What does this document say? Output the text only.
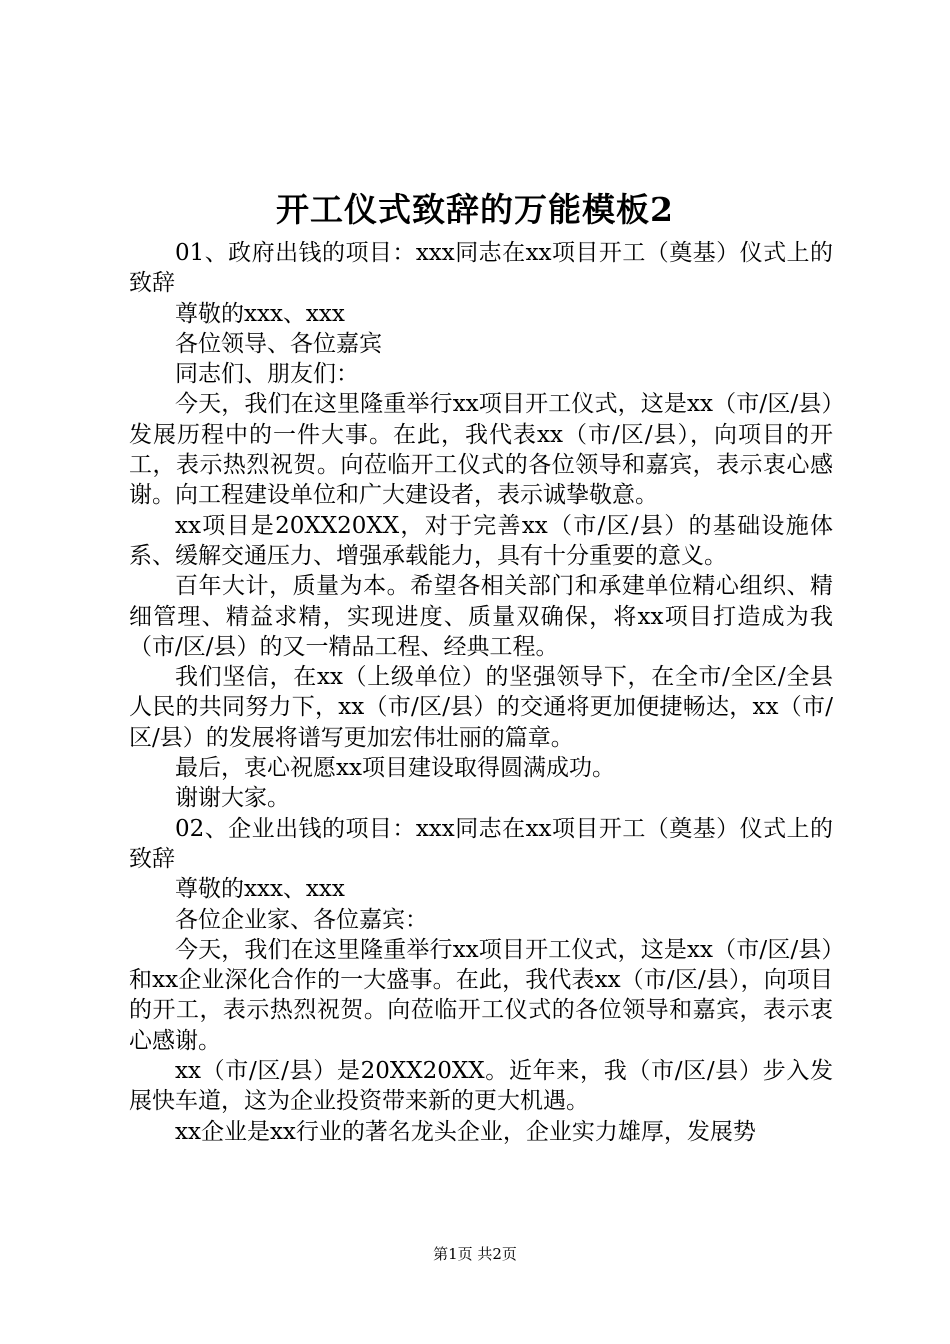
开工仪式致辞的万能模板2

01、政府出钱的项目：xxx同志在xx项目开工（奠基）仪式上的致辞

尊敬的xxx、xxx

各位领导、各位嘉宾

同志们、朋友们：

今天，我们在这里隆重举行xx项目开工仪式，这是xx（市/区/县）发展历程中的一件大事。在此，我代表xx（市/区/县），向项目的开工，表示热烈祝贺。向莅临开工仪式的各位领导和嘉宾，表示衷心感谢。向工程建设单位和广大建设者，表示诚挚敬意。

xx项目是20XX20XX，对于完善xx（市/区/县）的基础设施体系、缓解交通压力、增强承载能力，具有十分重要的意义。

百年大计，质量为本。希望各相关部门和承建单位精心组织、精细管理、精益求精，实现进度、质量双确保，将xx项目打造成为我（市/区/县）的又一精品工程、经典工程。

我们坚信，在xx（上级单位）的坚强领导下，在全市/全区/全县人民的共同努力下，xx（市/区/县）的交通将更加便捷畅达，xx（市/区/县）的发展将谱写更加宏伟壮丽的篇章。

最后，衷心祝愿xx项目建设取得圆满成功。

谢谢大家。

02、企业出钱的项目：xxx同志在xx项目开工（奠基）仪式上的致辞

尊敬的xxx、xxx

各位企业家、各位嘉宾：

今天，我们在这里隆重举行xx项目开工仪式，这是xx（市/区/县）和xx企业深化合作的一大盛事。在此，我代表xx（市/区/县），向项目的开工，表示热烈祝贺。向莅临开工仪式的各位领导和嘉宾，表示衷心感谢。

xx（市/区/县）是20XX20XX。近年来，我（市/区/县）步入发展快车道，这为企业投资带来新的更大机遇。

xx企业是xx行业的著名龙头企业，企业实力雄厚，发展势

第1页 共2页
